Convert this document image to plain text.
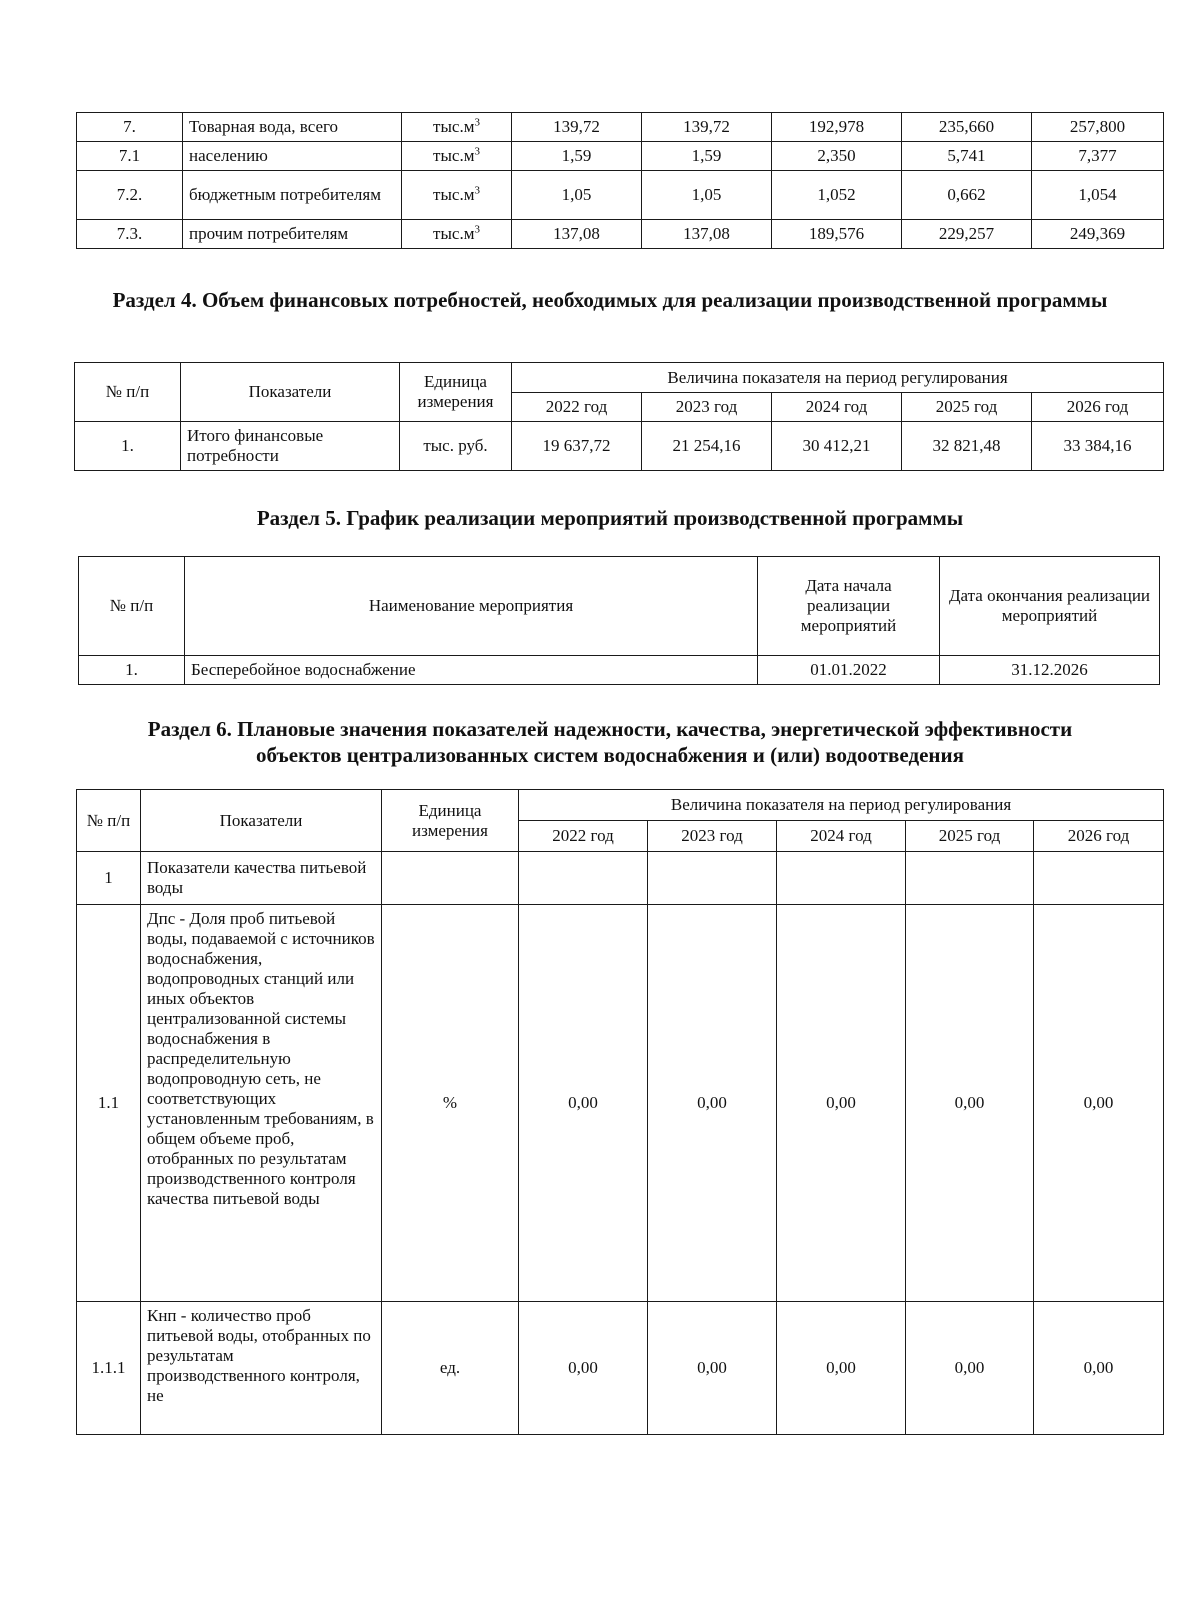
7.	Товарная вода, всего	$тыс.м^3$	139,72	139,72	192,978	235,660	257,800
7.1	населению	$тыс.м^3$	1,59	1,59	2,350	5,741	7,377
7.2.	бюджетным потребителям	$тыс.м^3$	1,05	1,05	1,052	0,662	1,054
7.3.	прочим потребителям	$тыс.м^3$	137,08	137,08	189,576	229,257	249,369
Раздел 4. Объем финансовых потребностей, необходимых для реализации производственной программы
№ п/п	Показатели	Единица измерения	Величина показателя на период регулирования				
			2022 год	2023 год	2024 год	2025 год	2026 год
1.	Итого финансовые потребности	тыс. руб.	19 637,72	21 254,16	30 412,21	32 821,48	33 384,16
Раздел 5. График реализации мероприятий производственной программы
№ п/п	Наименование мероприятия	Дата начала реализации мероприятий	Дата окончания реализации мероприятий
1.	Бесперебойное водоснабжение	01.01.2022	31.12.2026
Раздел 6. Плановые значения показателей надежности, качества, энергетической эффективности
объектов централизованных систем водоснабжения и (или) водоотведения
№ п/п	Показатели	Единица измерения	Величина показателя на период регулирования				
			2022 год	2023 год	2024 год	2025 год	2026 год
1	Показатели качества питьевой воды						
1.1	Дпс - Доля проб питьевой воды, подаваемой с источников водоснабжения, водопроводных станций или иных объектов централизованной системы водоснабжения в распределительную водопроводную сеть, не соответствующих установленным требованиям, в общем объеме проб, отобранных по результатам производственного контроля качества питьевой воды	%	0,00	0,00	0,00	0,00	0,00
1.1.1	Кнп - количество проб питьевой воды, отобранных по результатам производственного контроля, не	ед.	0,00	0,00	0,00	0,00	0,00
